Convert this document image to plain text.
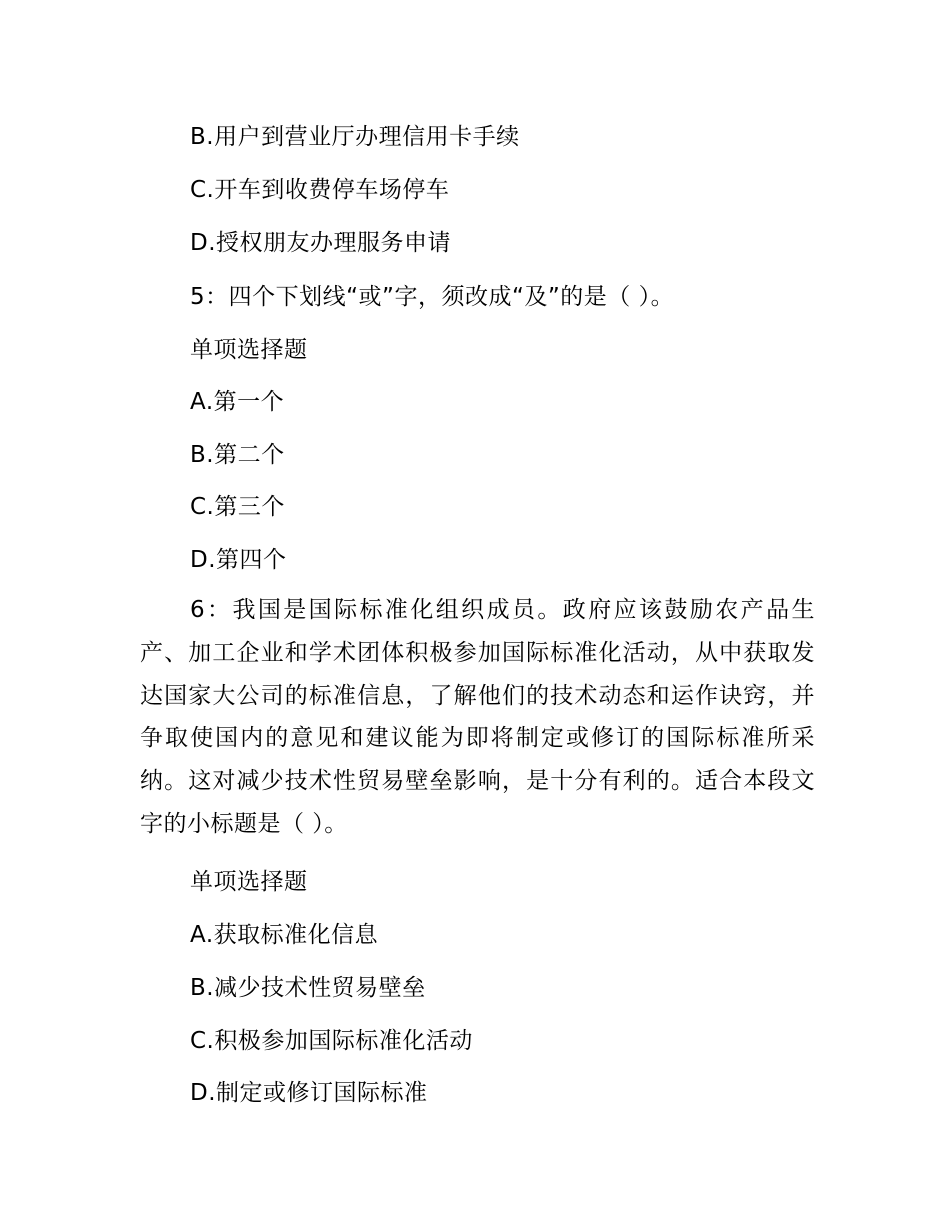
B.用户到营业厅办理信用卡手续
C.开车到收费停车场停车
D.授权朋友办理服务申请
5：四个下划线“或”字，须改成“及”的是（ ）。
单项选择题
A.第一个
B.第二个
C.第三个
D.第四个
6：我国是国际标准化组织成员。政府应该鼓励农产品生产、加工企业和学术团体积极参加国际标准化活动，从中获取发达国家大公司的标准信息，了解他们的技术动态和运作诀窍，并争取使国内的意见和建议能为即将制定或修订的国际标准所采纳。这对减少技术性贸易壁垒影响，是十分有利的。适合本段文字的小标题是（ ）。
单项选择题
A.获取标准化信息
B.减少技术性贸易壁垒
C.积极参加国际标准化活动
D.制定或修订国际标准
